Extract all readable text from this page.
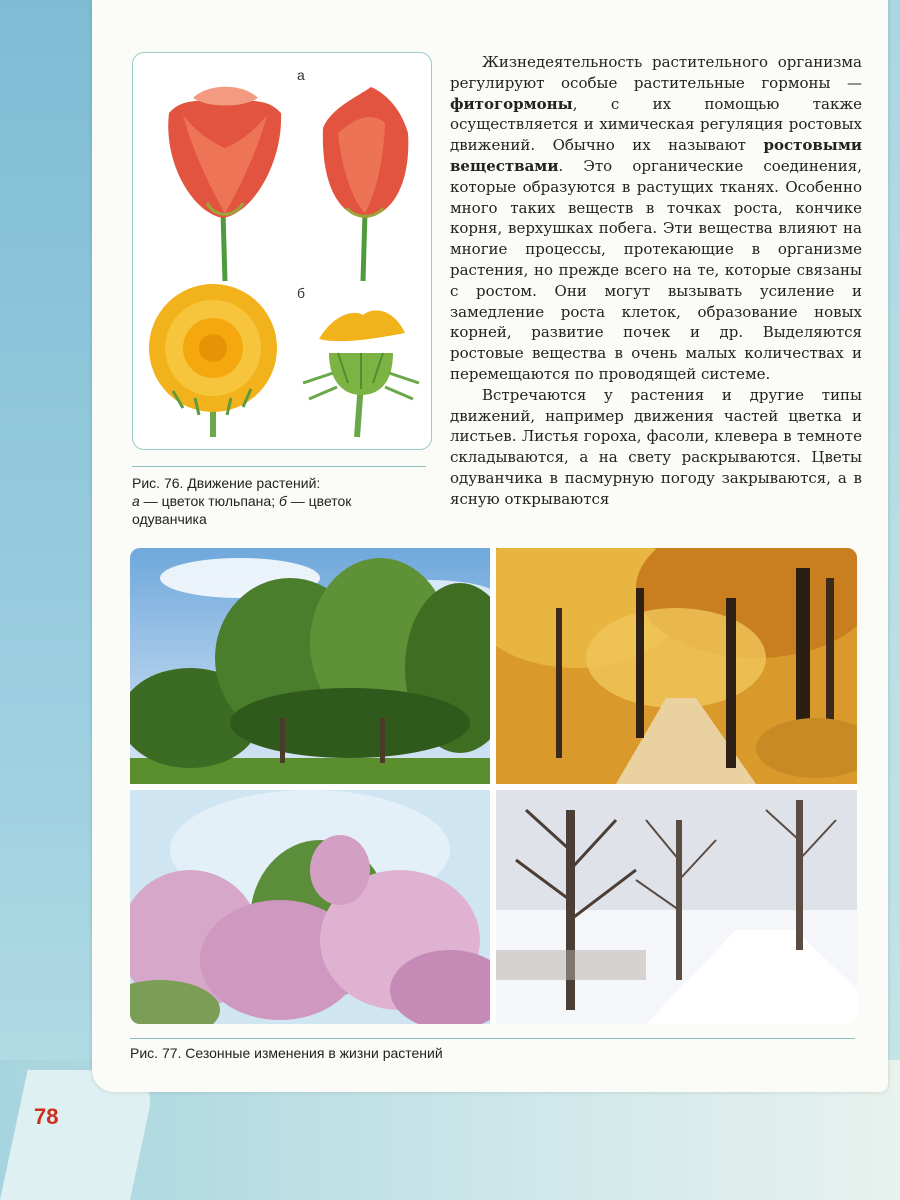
а
б
Рис. 76. Движение растений:
а — цветок тюльпана; б — цветок
одуванчика

Жизнедеятельность растительного организма регулируют особые растительные гормоны — фитогормоны, с их помощью также осуществляется и химическая регуляция ростовых движений. Обычно их называют ростовыми веществами. Это органические соединения, которые образуются в растущих тканях. Особенно много таких веществ в точках роста, кончике корня, верхушках побега. Эти вещества влияют на многие процессы, протекающие в организме растения, но прежде всего на те, которые связаны с ростом. Они могут вызывать усиление и замедление роста клеток, образование новых корней, развитие почек и др. Выделяются ростовые вещества в очень малых количествах и перемещаются по проводящей системе.

Встречаются у растения и другие типы движений, например движения частей цветка и листьев. Листья гороха, фасоли, клевера в темноте складываются, а на свету раскрываются. Цветы одуванчика в пасмурную погоду закрываются, а в ясную открываются

Рис. 77. Сезонные изменения в жизни растений
78
